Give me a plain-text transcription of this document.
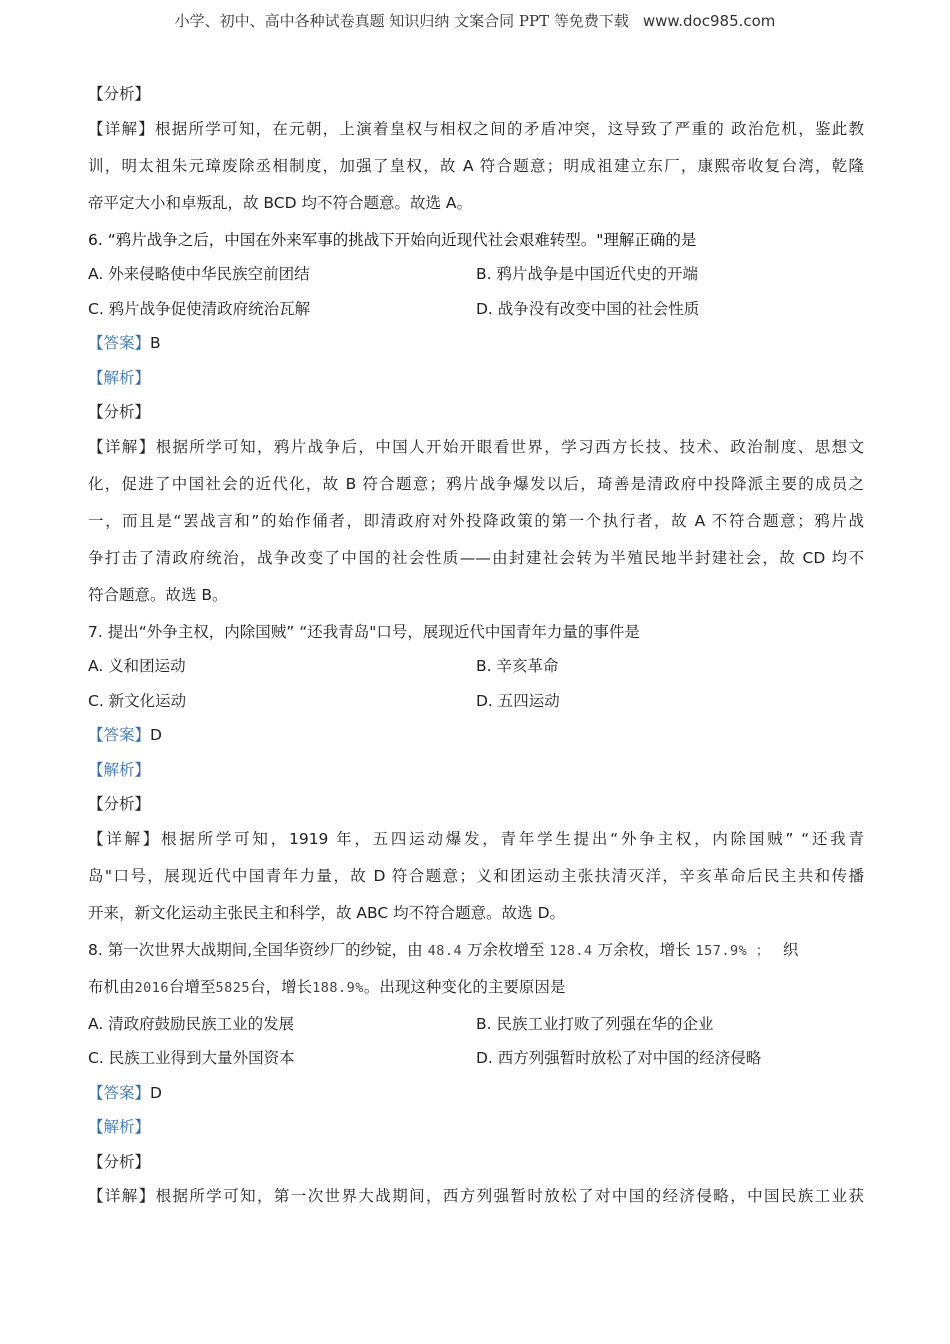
小学、初中、高中各种试卷真题 知识归纳 文案合同 PPT 等免费下载 www.doc985.com
【分析】
【详解】根据所学可知，在元朝，上演着皇权与相权之间的矛盾冲突，这导致了严重的 政治危机，鉴此教
训，明太祖朱元璋废除丞相制度，加强了皇权，故 A 符合题意；明成祖建立东厂，康熙帝收复台湾，乾隆
帝平定大小和卓叛乱，故 BCD 均不符合题意。故选 A。
6. “鸦片战争之后，中国在外来军事的挑战下开始向近现代社会艰难转型。"理解正确的是
A. 外来侵略使中华民族空前团结	B. 鸦片战争是中国近代史的开端
C. 鸦片战争促使清政府统治瓦解	D. 战争没有改变中国的社会性质
【答案】B
【解析】
【分析】
【详解】根据所学可知，鸦片战争后，中国人开始开眼看世界，学习西方长技、技术、政治制度、思想文
化，促进了中国社会的近代化，故 B 符合题意；鸦片战争爆发以后，琦善是清政府中投降派主要的成员之
一，而且是“罢战言和”的始作俑者，即清政府对外投降政策的第一个执行者，故 A 不符合题意；鸦片战
争打击了清政府统治，战争改变了中国的社会性质——由封建社会转为半殖民地半封建社会，故 CD 均不
符合题意。故选 B。
7. 提出“外争主权，内除国贼” “还我青岛"口号，展现近代中国青年力量的事件是
A. 义和团运动	B. 辛亥革命
C. 新文化运动	D. 五四运动
【答案】D
【解析】
【分析】
【详解】根据所学可知，1919 年，五四运动爆发，青年学生提出“外争主权，内除国贼” “还我青
岛"口号，展现近代中国青年力量，故 D 符合题意；义和团运动主张扶清灭洋，辛亥革命后民主共和传播
开来，新文化运动主张民主和科学，故 ABC 均不符合题意。故选 D。
8. 第一次世界大战期间,全国华资纱厂的纱锭，由 48.4 万余枚增至 128.4 万余枚，增长 157.9% ； 织
布机由2016台增至5825台，增长188.9%。出现这种变化的主要原因是
A. 清政府鼓励民族工业的发展	B. 民族工业打败了列强在华的企业
C. 民族工业得到大量外国资本	D. 西方列强暂时放松了对中国的经济侵略
【答案】D
【解析】
【分析】
【详解】根据所学可知，第一次世界大战期间，西方列强暂时放松了对中国的经济侵略，中国民族工业获
